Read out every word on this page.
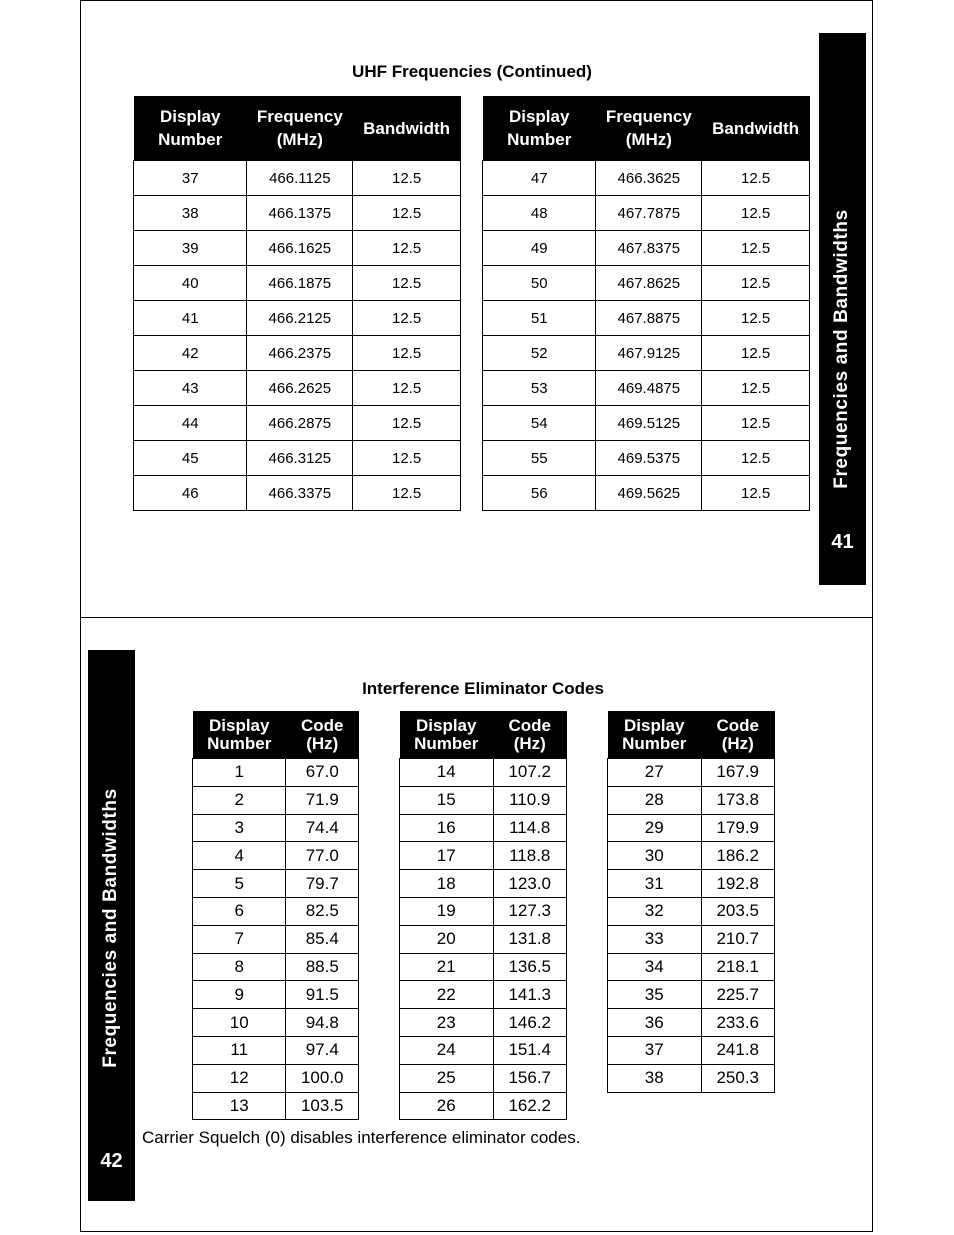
Frequencies and Bandwidths
41
UHF Frequencies (Continued)
Display Number	Frequency (MHz)	Bandwidth
37	466.1125	12.5
38	466.1375	12.5
39	466.1625	12.5
40	466.1875	12.5
41	466.2125	12.5
42	466.2375	12.5
43	466.2625	12.5
44	466.2875	12.5
45	466.3125	12.5
46	466.3375	12.5
Display Number	Frequency (MHz)	Bandwidth
47	466.3625	12.5
48	467.7875	12.5
49	467.8375	12.5
50	467.8625	12.5
51	467.8875	12.5
52	467.9125	12.5
53	469.4875	12.5
54	469.5125	12.5
55	469.5375	12.5
56	469.5625	12.5
Frequencies and Bandwidths
42
Interference Eliminator Codes
Display Number	Code (Hz)
1	67.0
2	71.9
3	74.4
4	77.0
5	79.7
6	82.5
7	85.4
8	88.5
9	91.5
10	94.8
11	97.4
12	100.0
13	103.5
Display Number	Code (Hz)
14	107.2
15	110.9
16	114.8
17	118.8
18	123.0
19	127.3
20	131.8
21	136.5
22	141.3
23	146.2
24	151.4
25	156.7
26	162.2
Display Number	Code (Hz)
27	167.9
28	173.8
29	179.9
30	186.2
31	192.8
32	203.5
33	210.7
34	218.1
35	225.7
36	233.6
37	241.8
38	250.3
Carrier Squelch (0) disables interference eliminator codes.
